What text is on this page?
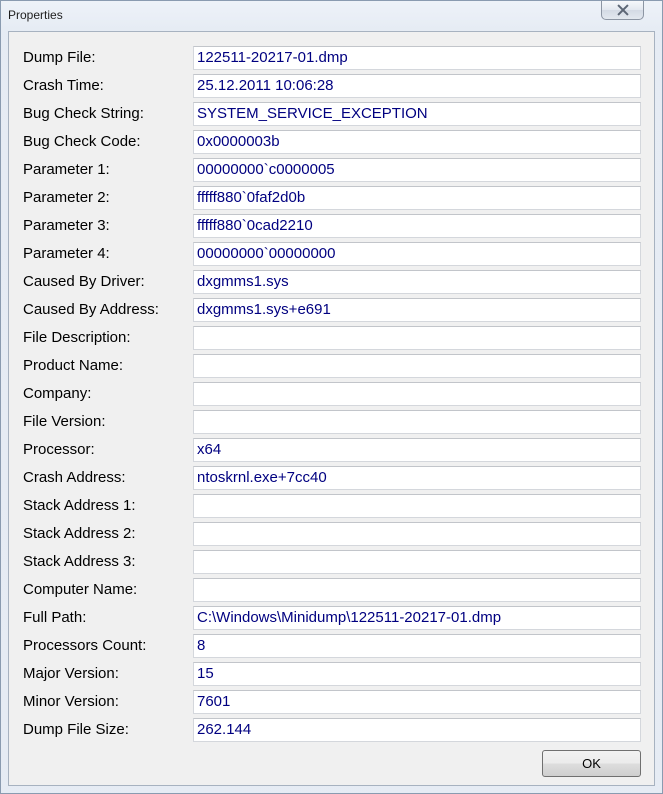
Properties
Dump File:	122511-20217-01.dmp
Crash Time:	25.12.2011 10:06:28
Bug Check String:	SYSTEM_SERVICE_EXCEPTION
Bug Check Code:	0x0000003b
Parameter 1:	00000000`c0000005
Parameter 2:	fffff880`0faf2d0b
Parameter 3:	fffff880`0cad2210
Parameter 4:	00000000`00000000
Caused By Driver:	dxgmms1.sys
Caused By Address:	dxgmms1.sys+e691
File Description:
Product Name:
Company:
File Version:
Processor:	x64
Crash Address:	ntoskrnl.exe+7cc40
Stack Address 1:
Stack Address 2:
Stack Address 3:
Computer Name:
Full Path:	C:\Windows\Minidump\122511-20217-01.dmp
Processors Count:	8
Major Version:	15
Minor Version:	7601
Dump File Size:	262.144
OK
